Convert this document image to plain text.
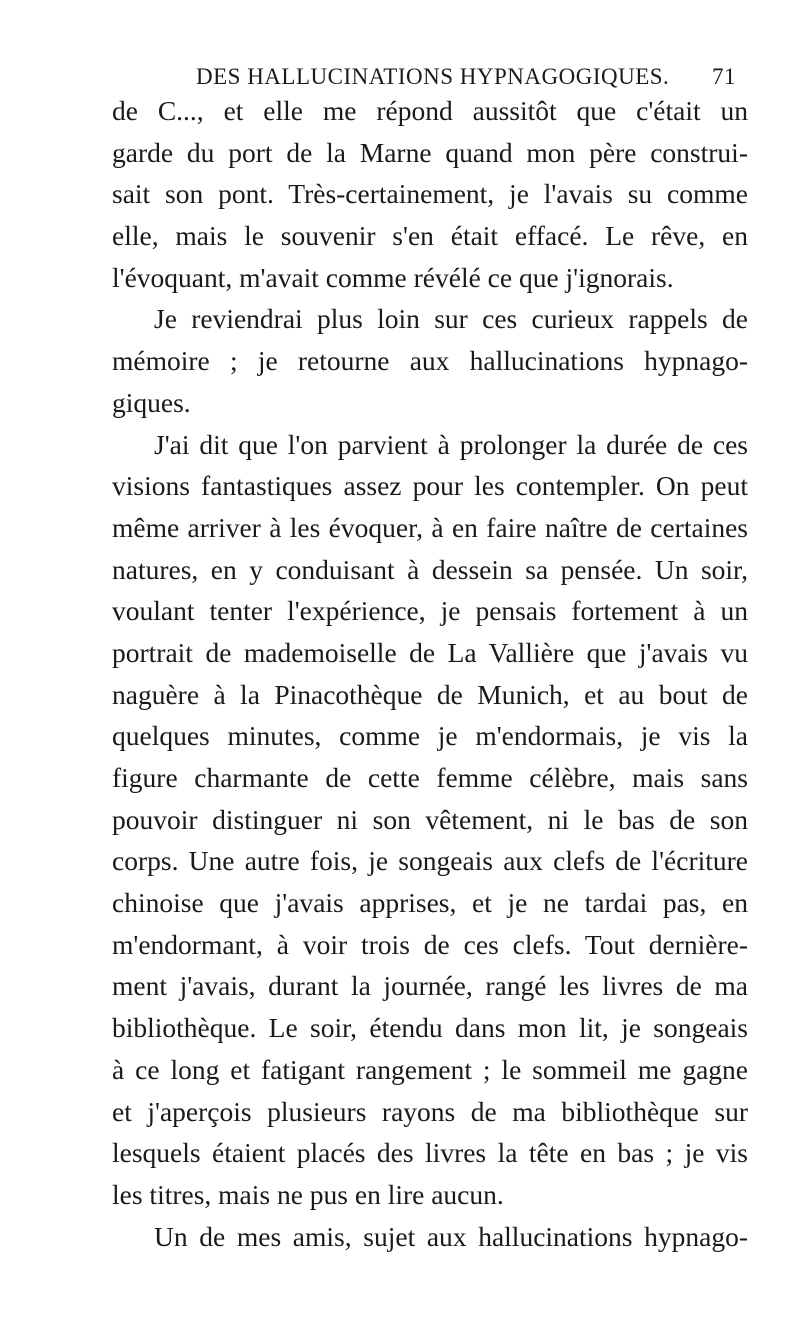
DES HALLUCINATIONS HYPNAGOGIQUES. 71
de C..., et elle me répond aussitôt que c'était un
garde du port de la Marne quand mon père construi-
sait son pont. Très-certainement, je l'avais su comme
elle, mais le souvenir s'en était effacé. Le rêve, en
l'évoquant, m'avait comme révélé ce que j'ignorais.
Je reviendrai plus loin sur ces curieux rappels de
mémoire ; je retourne aux hallucinations hypnago-
giques.
J'ai dit que l'on parvient à prolonger la durée de ces
visions fantastiques assez pour les contempler. On peut
même arriver à les évoquer, à en faire naître de certaines
natures, en y conduisant à dessein sa pensée. Un soir,
voulant tenter l'expérience, je pensais fortement à un
portrait de mademoiselle de La Vallière que j'avais vu
naguère à la Pinacothèque de Munich, et au bout de
quelques minutes, comme je m'endormais, je vis la
figure charmante de cette femme célèbre, mais sans
pouvoir distinguer ni son vêtement, ni le bas de son
corps. Une autre fois, je songeais aux clefs de l'écriture
chinoise que j'avais apprises, et je ne tardai pas, en
m'endormant, à voir trois de ces clefs. Tout dernière-
ment j'avais, durant la journée, rangé les livres de ma
bibliothèque. Le soir, étendu dans mon lit, je songeais
à ce long et fatigant rangement ; le sommeil me gagne
et j'aperçois plusieurs rayons de ma bibliothèque sur
lesquels étaient placés des livres la tête en bas ; je vis
les titres, mais ne pus en lire aucun.
Un de mes amis, sujet aux hallucinations hypnago-
